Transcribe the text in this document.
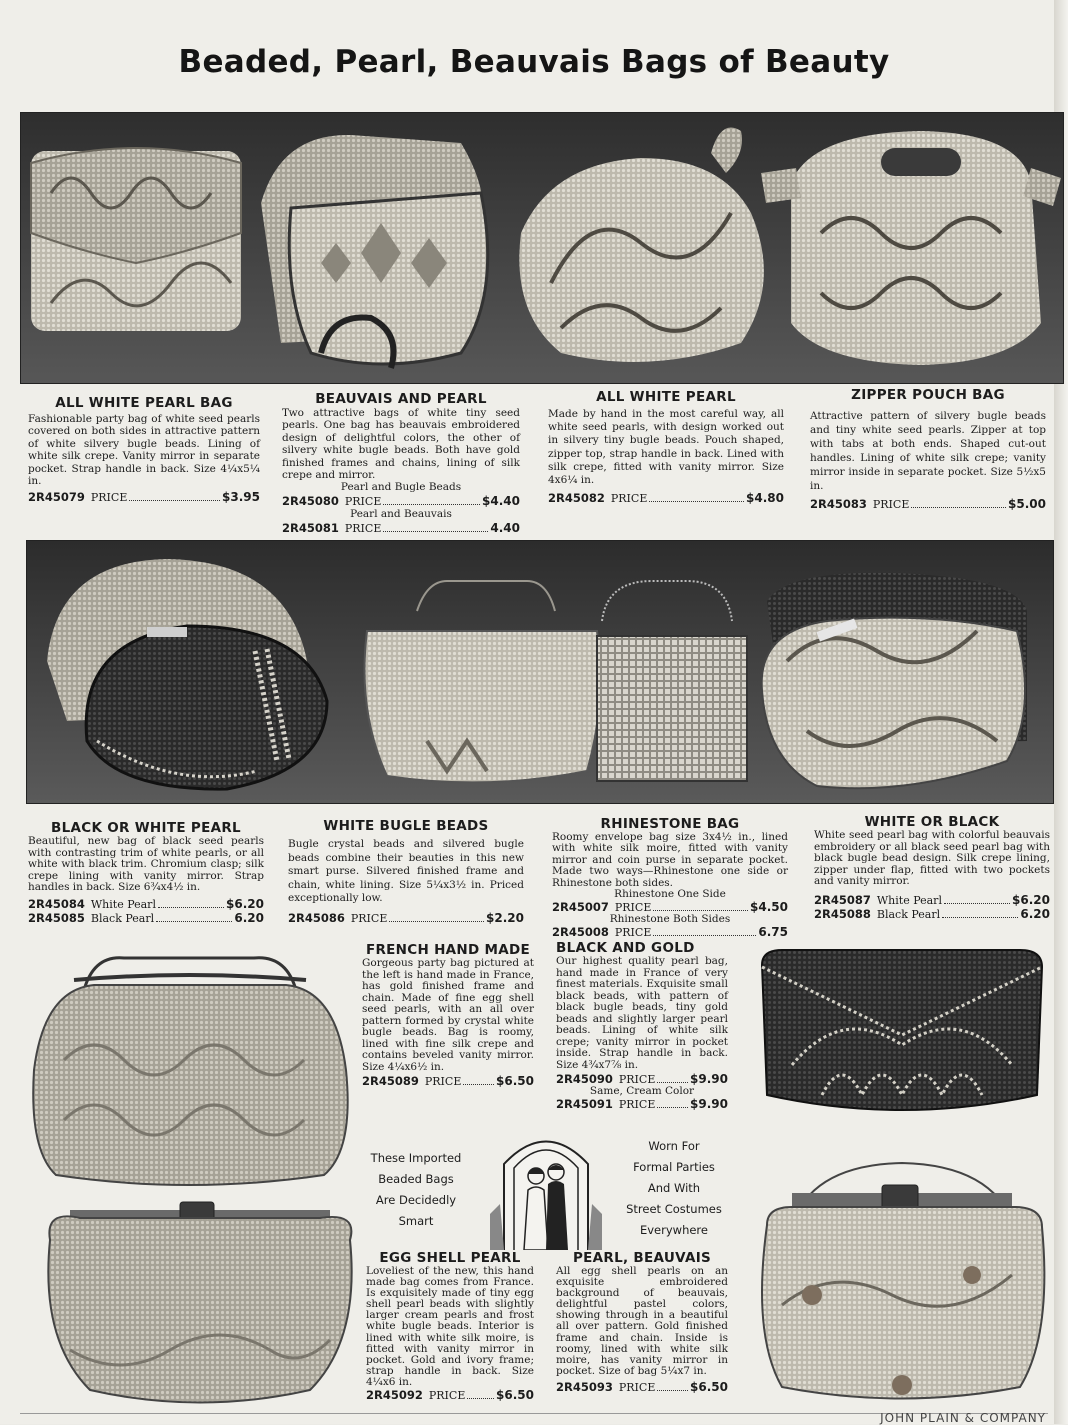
Beaded, Pearl, Beauvais Bags of Beauty
ALL WHITE PEARL BAG
Fashionable party bag of white seed pearls covered on both sides in attractive pattern of white silvery bugle beads. Lining of white silk crepe. Vanity mirror in separate pocket. Strap handle in back. Size 4¼x5¼ in.
2R45079 PRICE	$3.95
BEAUVAIS AND PEARL
Two attractive bags of white tiny seed pearls. One bag has beauvais embroidered design of delightful colors, the other of silvery white bugle beads. Both have gold finished frames and chains, lining of silk crepe and mirror.
Pearl and Bugle Beads
2R45080 PRICE	$4.40
Pearl and Beauvais
2R45081 PRICE	4.40
ALL WHITE PEARL
Made by hand in the most careful way, all white seed pearls, with design worked out in silvery tiny bugle beads. Pouch shaped, zipper top, strap handle in back. Lined with silk crepe, fitted with vanity mirror. Size 4x6¼ in.
2R45082 PRICE	$4.80
ZIPPER POUCH BAG
Attractive pattern of silvery bugle beads and tiny white seed pearls. Zipper at top with tabs at both ends. Shaped cut-out handles. Lining of white silk crepe; vanity mirror inside in separate pocket. Size 5½x5 in.
2R45083 PRICE	$5.00
BLACK OR WHITE PEARL
Beautiful, new bag of black seed pearls with contrasting trim of white pearls, or all white with black trim. Chromium clasp; silk crepe lining with vanity mirror. Strap handles in back. Size 6¾x4½ in.
2R45084 White Pearl	$6.20
2R45085 Black Pearl	6.20
WHITE BUGLE BEADS
Bugle crystal beads and silvered bugle beads combine their beauties in this new smart purse. Silvered finished frame and chain, white lining. Size 5¼x3½ in. Priced exceptionally low.
2R45086 PRICE	$2.20
RHINESTONE BAG
Roomy envelope bag size 3x4½ in., lined with white silk moire, fitted with vanity mirror and coin purse in separate pocket. Made two ways—Rhinestone one side or Rhinestone both sides.
Rhinestone One Side
2R45007 PRICE	$4.50
Rhinestone Both Sides
2R45008 PRICE	6.75
WHITE OR BLACK
White seed pearl bag with colorful beauvais embroidery or all black seed pearl bag with black bugle bead design. Silk crepe lining, zipper under flap, fitted with two pockets and vanity mirror.
2R45087 White Pearl	$6.20
2R45088 Black Pearl	6.20
FRENCH HAND MADE
Gorgeous party bag pictured at the left is hand made in France, has gold finished frame and chain. Made of fine egg shell seed pearls, with an all over pattern formed by crystal white bugle beads. Bag is roomy, lined with fine silk crepe and contains beveled vanity mirror. Size 4¼x6½ in.
2R45089 PRICE	$6.50
BLACK AND GOLD
Our highest quality pearl bag, hand made in France of very finest materials. Exquisite small black beads, with pattern of black bugle beads, tiny gold beads and slightly larger pearl beads. Lining of white silk crepe; vanity mirror in pocket inside. Strap handle in back. Size 4¾x7⅞ in.
2R45090 PRICE	$9.90
Same, Cream Color
2R45091 PRICE	$9.90
These Imported
Beaded Bags
Are Decidedly
Smart
Worn For
Formal Parties
And With
Street Costumes
Everywhere
EGG SHELL PEARL
Loveliest of the new, this hand made bag comes from France. Is exquisitely made of tiny egg shell pearl beads with slightly larger cream pearls and frost white bugle beads. Interior is lined with white silk moire, is fitted with vanity mirror in pocket. Gold and ivory frame; strap handle in back. Size 4¼x6 in.
2R45092 PRICE	$6.50
PEARL, BEAUVAIS
All egg shell pearls on an exquisite embroidered background of beauvais, delightful pastel colors, showing through in a beautiful all over pattern. Gold finished frame and chain. Inside is roomy, lined with white silk moire, has vanity mirror in pocket. Size of bag 5¼x7 in.
2R45093 PRICE	$6.50
JOHN PLAIN & COMPANY
